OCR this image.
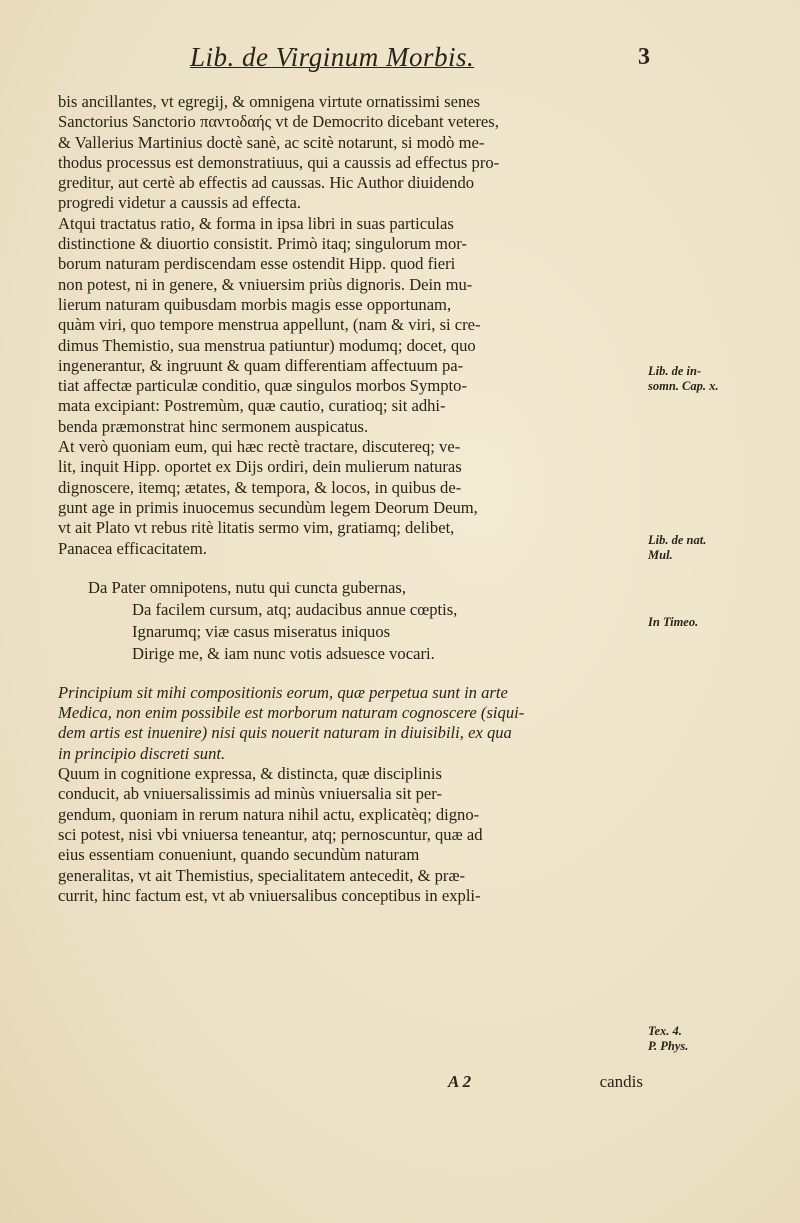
Lib. de Virginum Morbis.	3
bis ancillantes, vt egregij, & omnigena virtute ornatissimi senes
Sanctorius Sanctorio παντοδαής vt de Democrito dicebant veteres,
& Vallerius Martinius doctè sanè, ac scitè notarunt, si modò me-
thodus processus est demonstratiuus, qui a caussis ad effectus pro-
greditur, aut certè ab effectis ad caussas. Hic Author diuidendo
progredi videtur a caussis ad effecta.
Atqui tractatus ratio, & forma in ipsa libri in suas particulas
distinctione & diuortio consistit. Primò itaq; singulorum mor-
borum naturam perdiscendam esse ostendit Hipp. quod fieri
non potest, ni in genere, & vniuersim priùs dignoris. Dein mu-
lierum naturam quibusdam morbis magis esse opportunam,
quàm viri, quo tempore menstrua appellunt, (nam & viri, si cre-
dimus Themistio, sua menstrua patiuntur) modumq; docet, quo
ingenerantur, & ingruunt & quam differentiam affectuum pa-
tiat affectæ particulæ conditio, quæ singulos morbos Sympto-
mata excipiant: Postremùm, quæ cautio, curatioq; sit adhi-
benda præmonstrat hinc sermonem auspicatus.
At verò quoniam eum, qui hæc rectè tractare, discutereq; ve-
lit, inquit Hipp. oportet ex Dijs ordiri, dein mulierum naturas
dignoscere, itemq; ætates, & tempora, & locos, in quibus de-
gunt age in primis inuocemus secundùm legem Deorum Deum,
vt ait Plato vt rebus ritè litatis sermo vim, gratiamq; delibet,
Panacea efficacitatem.
Da Pater omnipotens, nutu qui cuncta gubernas,
Da facilem cursum, atq; audacibus annue cœptis,
Ignarumq; viæ casus miseratus iniquos
Dirige me, & iam nunc votis adsuesce vocari.
Principium sit mihi compositionis eorum, quæ perpetua sunt in arte
Medica, non enim possibile est morborum naturam cognoscere (siqui-
dem artis est inuenire) nisi quis nouerit naturam in diuisibili, ex qua
in principio discreti sunt.
Quum in cognitione expressa, & distincta, quæ disciplinis
conducit, ab vniuersalissimis ad minùs vniuersalia sit per-
gendum, quoniam in rerum natura nihil actu, explicatèq; digno-
sci potest, nisi vbi vniuersa teneantur, atq; pernoscuntur, quæ ad
eius essentiam conueniunt, quando secundùm naturam
generalitas, vt ait Themistius, specialitatem antecedit, & præ-
currit, hinc factum est, vt ab vniuersalibus conceptibus in expli-
Lib. de in-
somn. Cap. x.
Lib. de nat.
Mul.
In Timeo.
Tex. 4.
P. Phys.
A 2	candis
